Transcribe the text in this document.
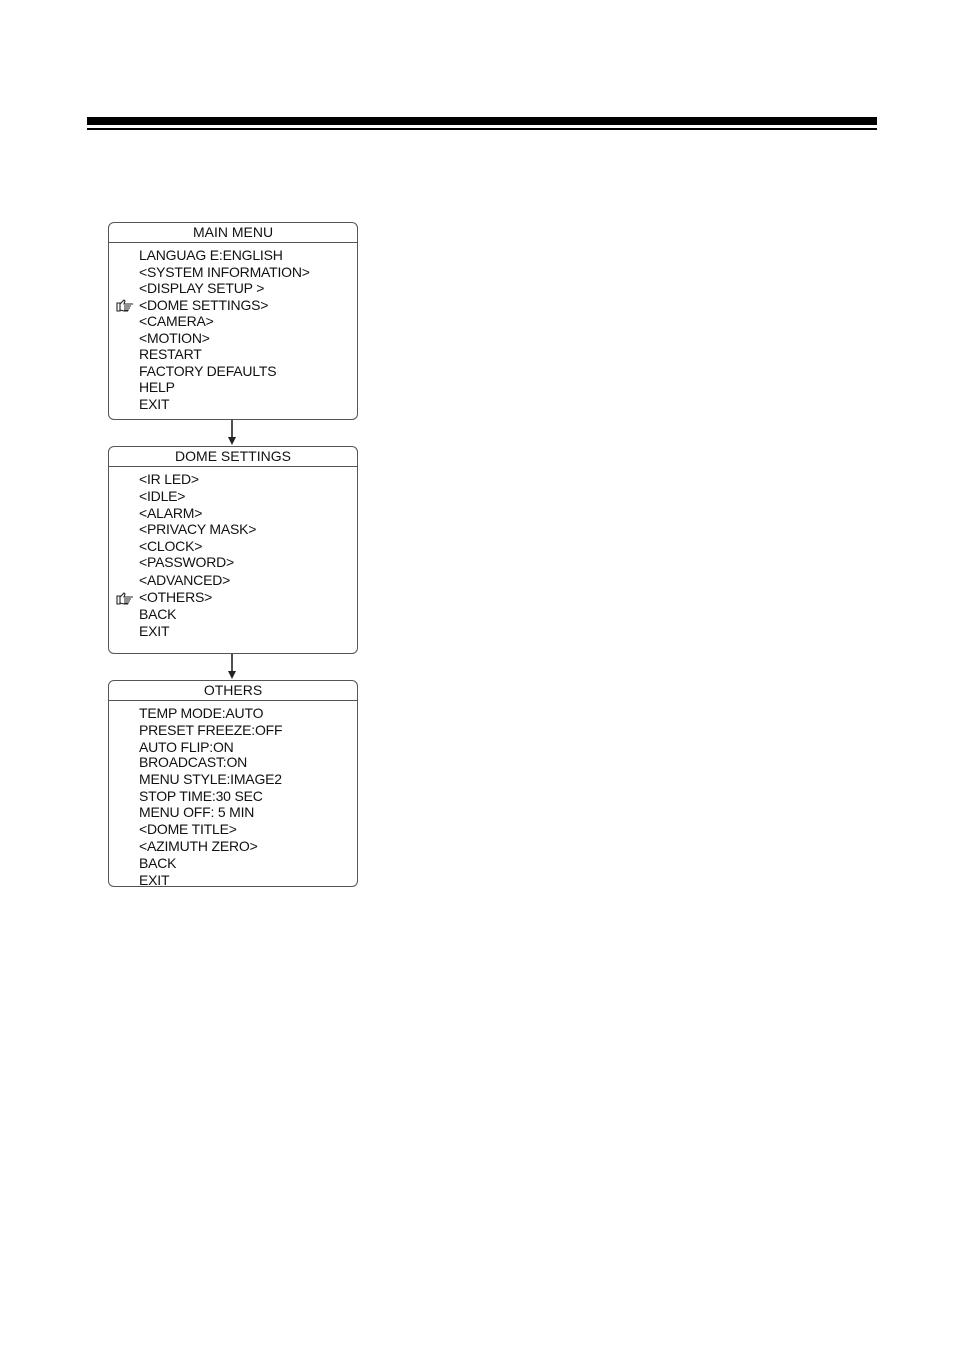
MAIN MENU
LANGUAG E:ENGLISH
<SYSTEM INFORMATION>
<DISPLAY SETUP >
<DOME SETTINGS>
<CAMERA>
<MOTION>
RESTART
FACTORY DEFAULTS
HELP
EXIT
DOME SETTINGS
<IR LED>
<IDLE>
<ALARM>
<PRIVACY MASK>
<CLOCK>
<PASSWORD>
<ADVANCED>
<OTHERS>
BACK
EXIT
OTHERS
TEMP MODE:AUTO
PRESET FREEZE:OFF
AUTO FLIP:ON
BROADCAST:ON
MENU STYLE:IMAGE2
STOP TIME:30 SEC
MENU OFF: 5 MIN
<DOME TITLE>
<AZIMUTH ZERO>
BACK
EXIT
